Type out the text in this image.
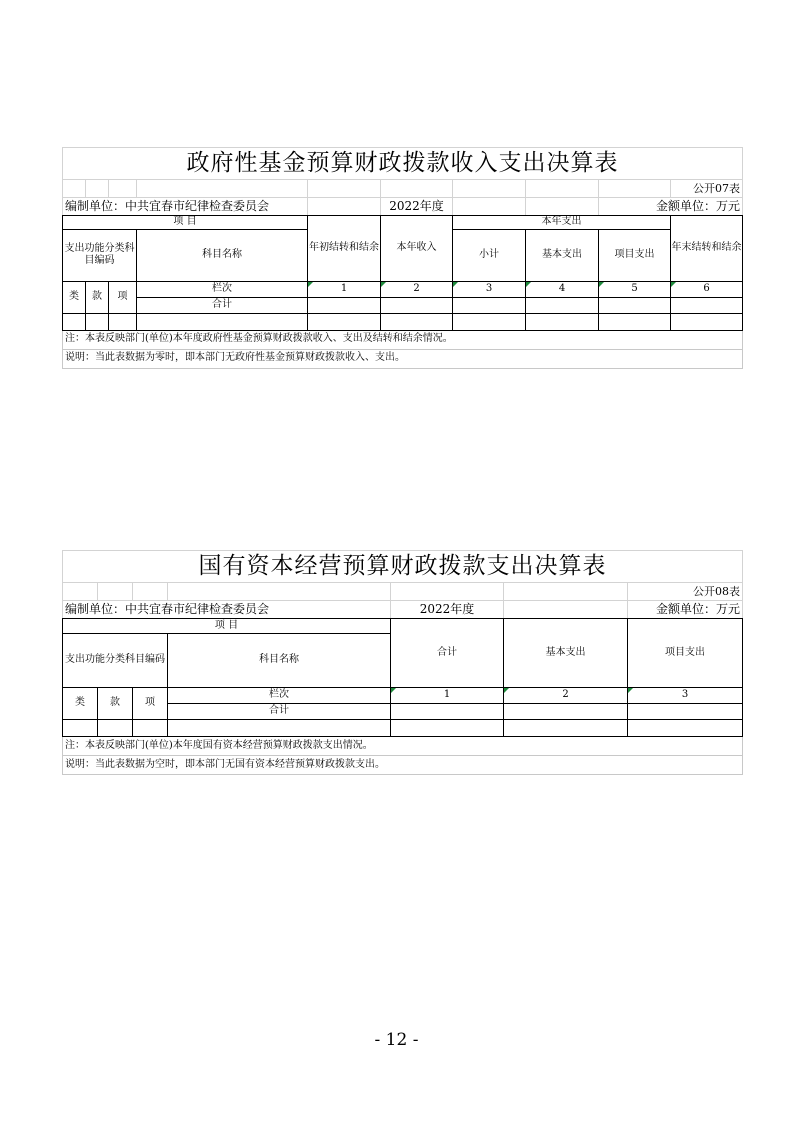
政府性基金预算财政拨款收入支出决算表									
									公开07表
编制单位：中共宜春市纪律检查委员会					2022年度			金额单位：万元	
项 目				年初结转和结余	本年收入	本年支出			年末结转和结余
支出功能分类科目编码			科目名称			小计	基本支出	项目支出	
类	款	项	栏次	1	2	3	4	5	6
			合计						

注：本表反映部门(单位)本年度政府性基金预算财政拨款收入、支出及结转和结余情况。									
说明：当此表数据为零时，即本部门无政府性基金预算财政拨款收入、支出。									
国有资本经营预算财政拨款支出决算表						
						公开08表
编制单位：中共宜春市纪律检查委员会				2022年度		金额单位：万元
项 目				合计	基本支出	项目支出
支出功能分类科目编码			科目名称			
类	款	项	栏次	1	2	3
			合计			

注：本表反映部门(单位)本年度国有资本经营预算财政拨款支出情况。						
说明：当此表数据为空时，即本部门无国有资本经营预算财政拨款支出。						
- 12 -
